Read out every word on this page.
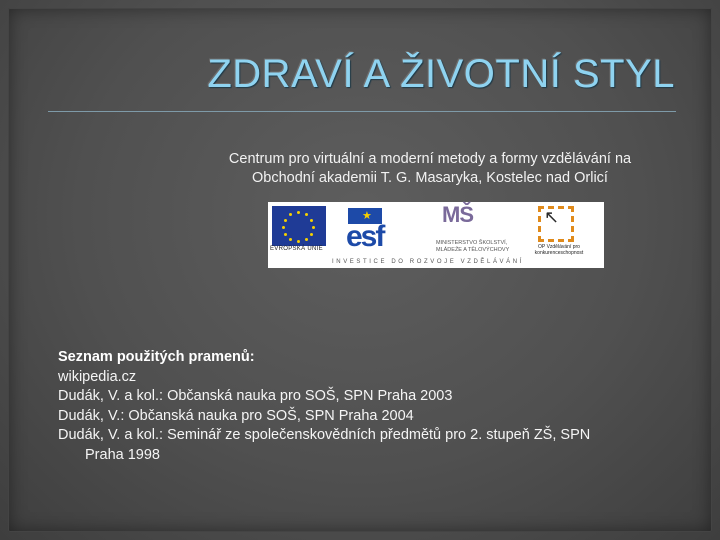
ZDRAVÍ A ŽIVOTNÍ STYL
Centrum pro virtuální a moderní metody a formy vzdělávání na
Obchodní akademii T. G. Masaryka, Kostelec nad Orlicí
EVROPSKÁ UNIE
★
esf
MŠ
MINISTERSTVO ŠKOLSTVÍ, MLÁDEŽE A TĚLOVÝCHOVY
↖
OP Vzdělávání pro konkurenceschopnost
INVESTICE DO ROZVOJE VZDĚLÁVÁNÍ
Seznam použitých pramenů:
wikipedia.cz
Dudák, V. a kol.: Občanská nauka pro SOŠ, SPN Praha 2003
Dudák, V.: Občanská nauka pro SOŠ, SPN Praha 2004
Dudák, V. a kol.: Seminář ze společenskovědních předmětů pro 2. stupeň ZŠ, SPN
Praha 1998
